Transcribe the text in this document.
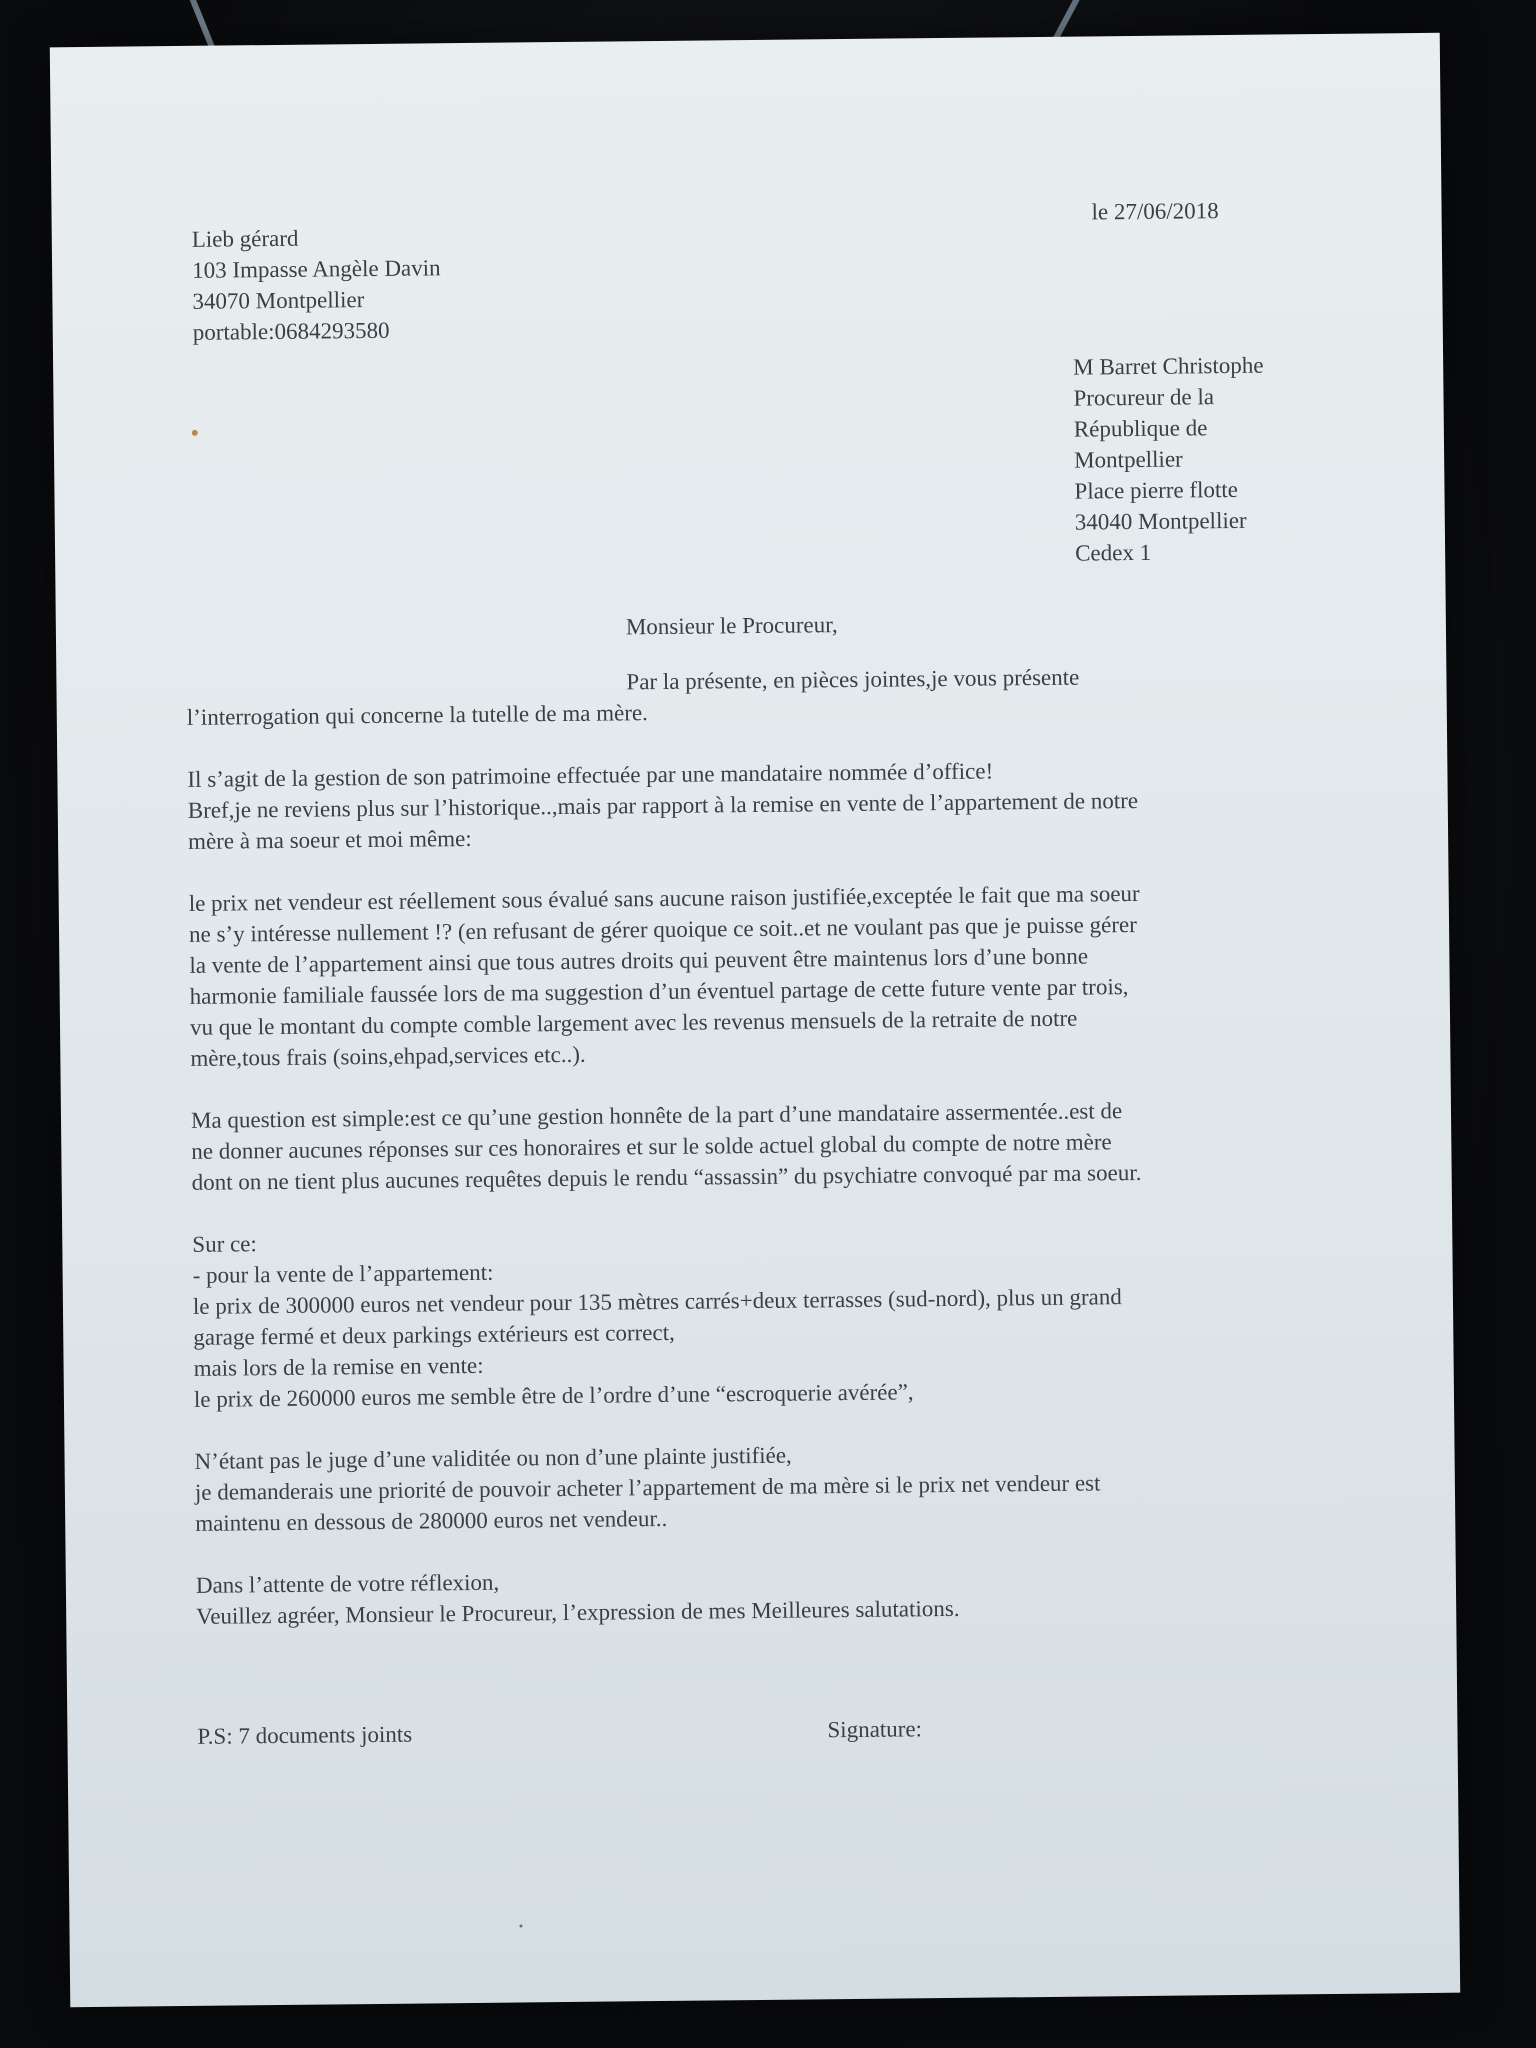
Lieb gérard
103 Impasse Angèle Davin
34070 Montpellier
portable:0684293580
le 27/06/2018
M Barret Christophe
Procureur de la
République de
Montpellier
Place pierre flotte
34040 Montpellier
Cedex 1
Monsieur le Procureur,

Par la présente, en pièces jointes,je vous présente
l’interrogation qui concerne la tutelle de ma mère.

Il s’agit de la gestion de son patrimoine effectuée par une mandataire nommée d’office!
Bref,je ne reviens plus sur l’historique..,mais par rapport à la remise en vente de l’appartement de notre
mère à ma soeur et moi même:

le prix net vendeur est réellement sous évalué sans aucune raison justifiée,exceptée le fait que ma soeur
ne s’y intéresse nullement !? (en refusant de gérer quoique ce soit..et ne voulant pas que je puisse gérer
la vente de l’appartement ainsi que tous autres droits qui peuvent être maintenus lors d’une bonne
harmonie familiale faussée lors de ma suggestion d’un éventuel partage de cette future vente par trois,
vu que le montant du compte comble largement avec les revenus mensuels de la retraite de notre
mère,tous frais (soins,ehpad,services etc..).

Ma question est simple:est ce qu’une gestion honnête de la part d’une mandataire assermentée..est de
ne donner aucunes réponses sur ces honoraires et sur le solde actuel global du compte de notre mère
dont on ne tient plus aucunes requêtes depuis le rendu “assassin” du psychiatre convoqué par ma soeur.

Sur ce:
- pour la vente de l’appartement:
le prix de 300000 euros net vendeur pour 135 mètres carrés+deux terrasses (sud-nord), plus un grand
garage fermé et deux parkings extérieurs est correct,
mais lors de la remise en vente:
le prix de 260000 euros me semble être de l’ordre d’une “escroquerie avérée”,

N’étant pas le juge d’une validitée ou non d’une plainte justifiée,
je demanderais une priorité de pouvoir acheter l’appartement de ma mère si le prix net vendeur est
maintenu en dessous de 280000 euros net vendeur..

Dans l’attente de votre réflexion,
Veuillez agréer, Monsieur le Procureur, l’expression de mes Meilleures salutations.

P.S: 7 documents joints	Signature:
